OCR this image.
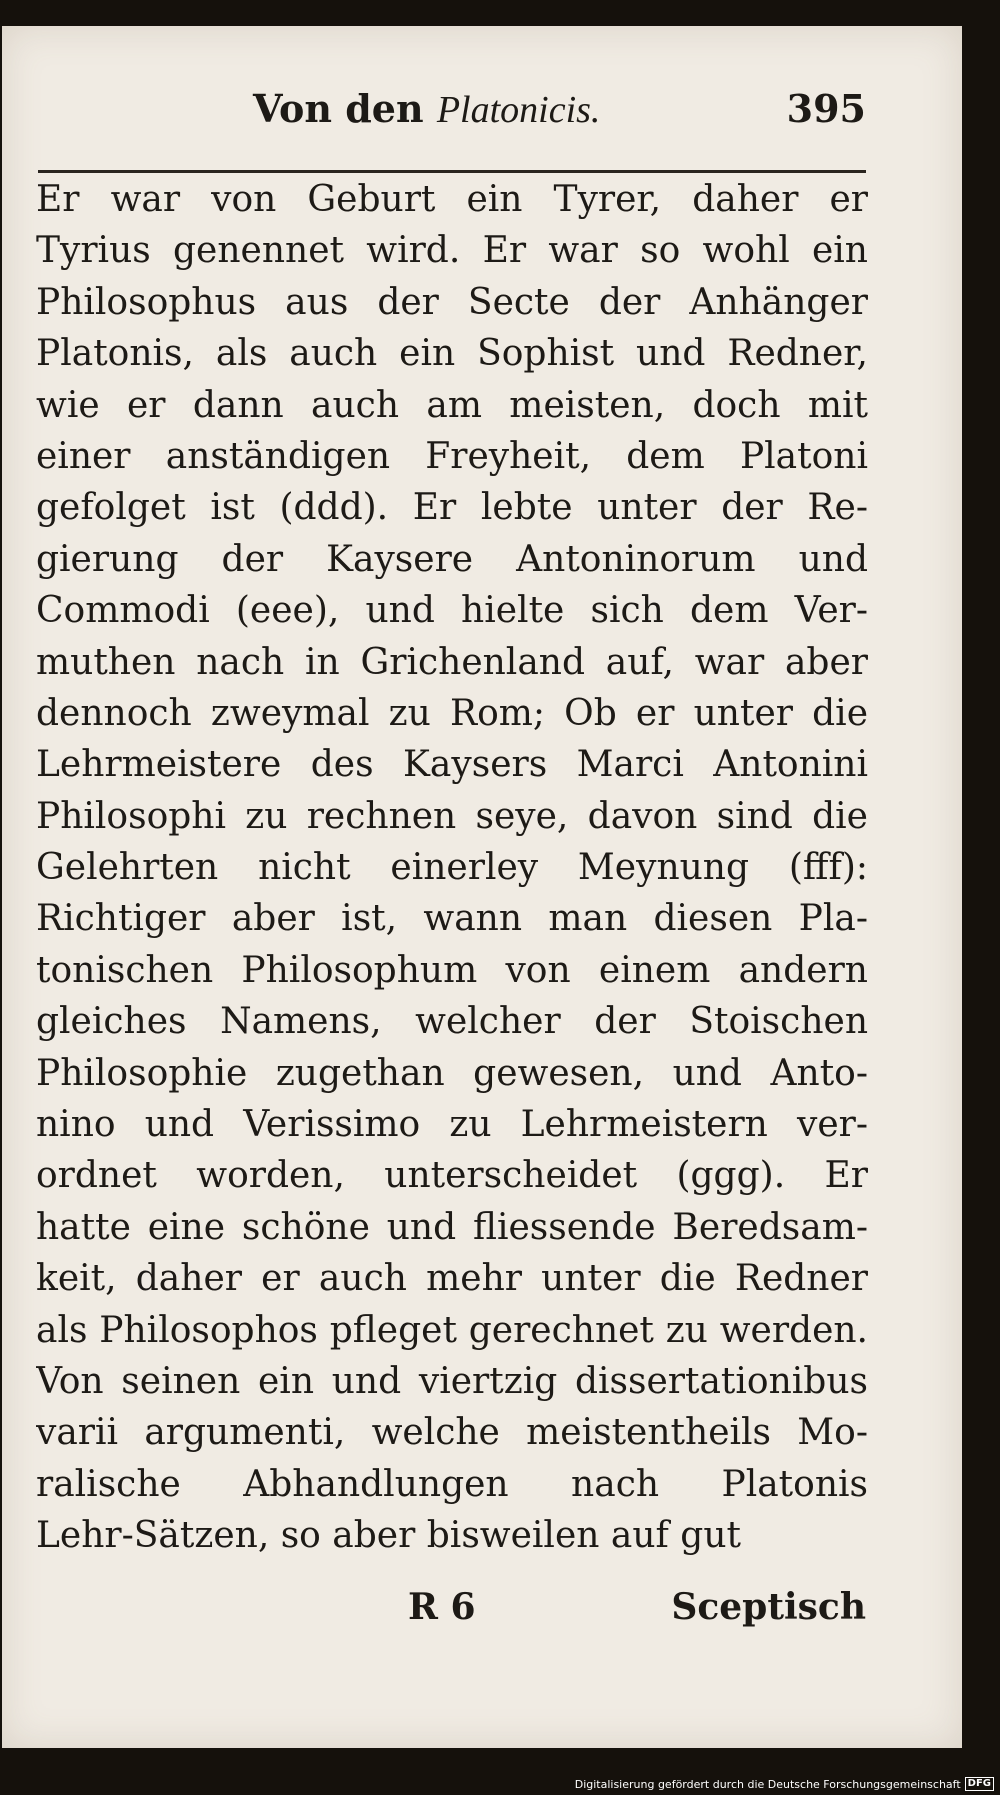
Von den Platonicis.	395
Er war von Geburt ein Tyrer, daher er
Tyrius genennet wird. Er war so wohl ein
Philosophus aus der Secte der Anhänger
Platonis, als auch ein Sophist und Redner,
wie er dann auch am meisten, doch mit
einer anständigen Freyheit, dem Platoni
gefolget ist (ddd). Er lebte unter der Re-
gierung der Kaysere Antoninorum und
Commodi (eee), und hielte sich dem Ver-
muthen nach in Grichenland auf, war aber
dennoch zweymal zu Rom; Ob er unter die
Lehrmeistere des Kaysers Marci Antonini
Philosophi zu rechnen seye, davon sind die
Gelehrten nicht einerley Meynung (fff):
Richtiger aber ist, wann man diesen Pla-
tonischen Philosophum von einem andern
gleiches Namens, welcher der Stoischen
Philosophie zugethan gewesen, und Anto-
nino und Verissimo zu Lehrmeistern ver-
ordnet worden, unterscheidet (ggg). Er
hatte eine schöne und fliessende Beredsam-
keit, daher er auch mehr unter die Redner
als Philosophos pfleget gerechnet zu werden.
Von seinen ein und viertzig dissertationibus
varii argumenti, welche meistentheils Mo-
ralische Abhandlungen nach Platonis
Lehr-Sätzen, so aber bisweilen auf gut
R 6	Sceptisch
Digitalisierung gefördert durch die Deutsche Forschungsgemeinschaft DFG
